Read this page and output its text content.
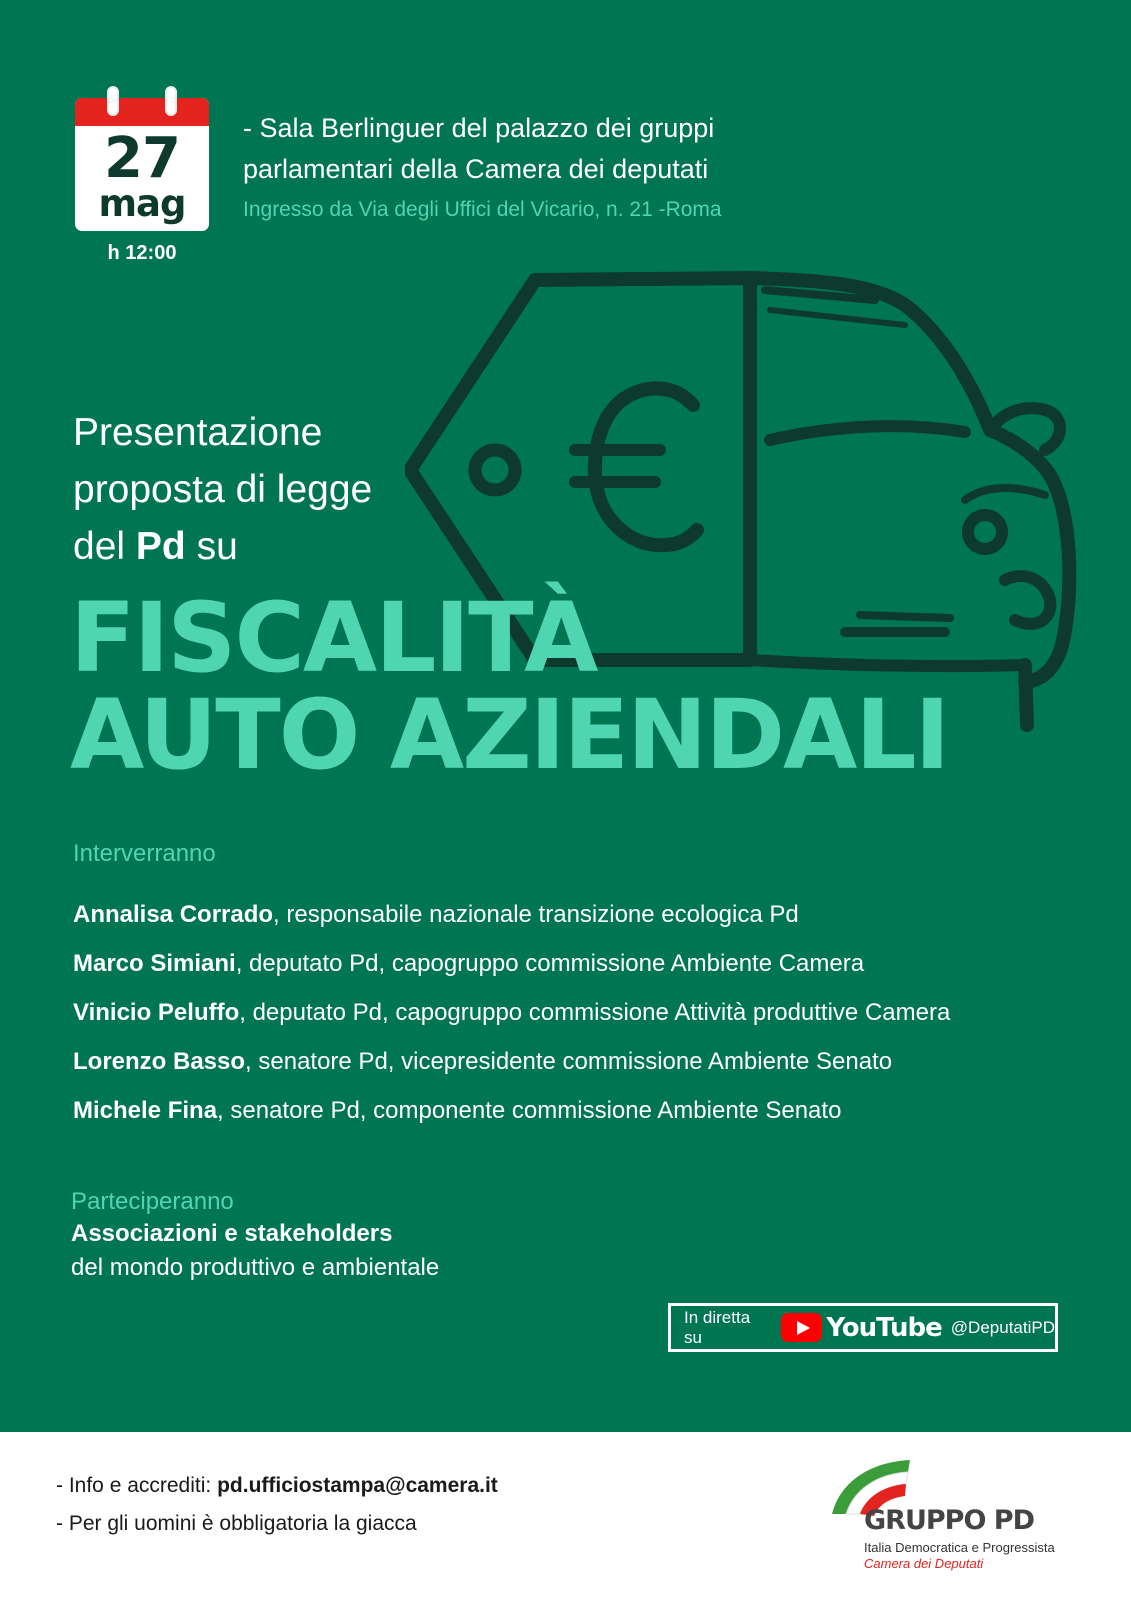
27
mag
h 12:00
- Sala Berlinguer del palazzo dei gruppi
parlamentari della Camera dei deputati
Ingresso da Via degli Uffici del Vicario, n. 21 -Roma
Presentazione
proposta di legge
del Pd su
FISCALITÀ
AUTO AZIENDALI
Interverranno
Annalisa Corrado, responsabile nazionale transizione ecologica Pd
Marco Simiani, deputato Pd, capogruppo commissione Ambiente Camera
Vinicio Peluffo, deputato Pd, capogruppo commissione Attività produttive Camera
Lorenzo Basso, senatore Pd, vicepresidente commissione Ambiente Senato
Michele Fina, senatore Pd, componente commissione Ambiente Senato
Parteciperanno
Associazioni e stakeholders
del mondo produttivo e ambientale
In diretta su	YouTube @DeputatiPD
- Info e accrediti: pd.ufficiostampa@camera.it
- Per gli uomini è obbligatoria la giacca	GRUPPO PD
Italia Democratica e Progressista
Camera dei Deputati
